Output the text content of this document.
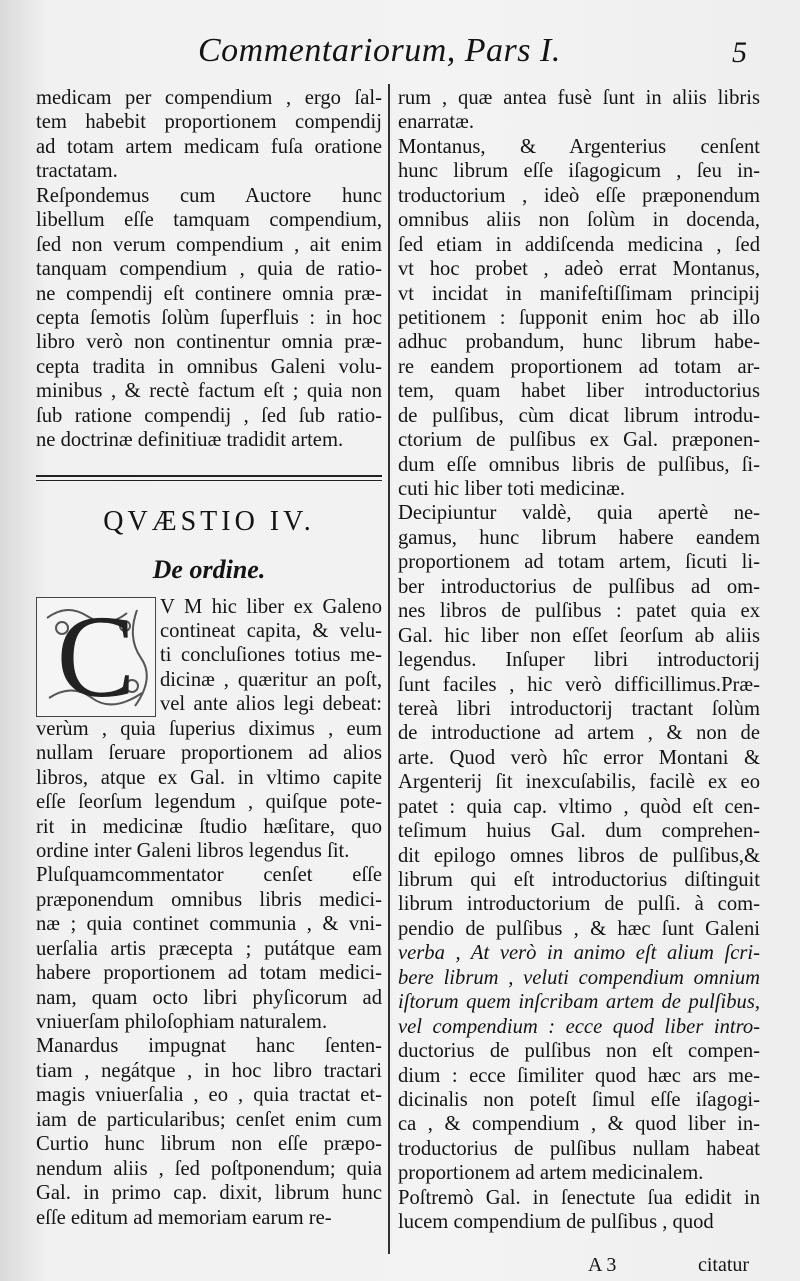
Commentariorum, Pars I.	5
medicam per compendium , ergo ſal-
tem habebit proportionem compendij
ad totam artem medicam fuſa oratione
tractatam.
Reſpondemus cum Auctore hunc
libellum eſſe tamquam compendium,
ſed non verum compendium , ait enim
tanquam compendium , quia de ratio-
ne compendij eſt continere omnia præ-
cepta ſemotis ſolùm ſuperfluis : in hoc
libro verò non continentur omnia præ-
cepta tradita in omnibus Galeni volu-
minibus , & rectè factum eſt ; quia non
ſub ratione compendij , ſed ſub ratio-
ne doctrinæ definitiuæ tradidit artem.
QVÆSTIO IV.
De ordine.
C	V M hic liber ex Galeno
contineat capita, & velu-
ti concluſiones totius me-
dicinæ , quæritur an poſt,
vel ante alios legi debeat:
verùm , quia ſuperius diximus , eum
nullam ſeruare proportionem ad alios
libros, atque ex Gal. in vltimo capite
eſſe ſeorſum legendum , quiſque pote-
rit in medicinæ ſtudio hæſitare, quo
ordine inter Galeni libros legendus ſit.
Pluſquamcommentator cenſet eſſe
præponendum omnibus libris medici-
næ ; quia continet communia , & vni-
uerſalia artis præcepta ; putátque eam
habere proportionem ad totam medici-
nam, quam octo libri phyſicorum ad
vniuerſam philoſophiam naturalem.
Manardus impugnat hanc ſenten-
tiam , negátque , in hoc libro tractari
magis vniuerſalia , eo , quia tractat et-
iam de particularibus; cenſet enim cum
Curtio hunc librum non eſſe præpo-
nendum aliis , ſed poſtponendum; quia
Gal. in primo cap. dixit, librum hunc
eſſe editum ad memoriam earum re-
rum , quæ antea fusè ſunt in aliis libris
enarratæ.
Montanus, & Argenterius cenſent
hunc librum eſſe iſagogicum , ſeu in-
troductorium , ideò eſſe præponendum
omnibus aliis non ſolùm in docenda,
ſed etiam in addiſcenda medicina , ſed
vt hoc probet , adeò errat Montanus,
vt incidat in manifeſtiſſimam principij
petitionem : ſupponit enim hoc ab illo
adhuc probandum, hunc librum habe-
re eandem proportionem ad totam ar-
tem, quam habet liber introductorius
de pulſibus, cùm dicat librum introdu-
ctorium de pulſibus ex Gal. præponen-
dum eſſe omnibus libris de pulſibus, ſi-
cuti hic liber toti medicinæ.
Decipiuntur valdè, quia apertè ne-
gamus, hunc librum habere eandem
proportionem ad totam artem, ſicuti li-
ber introductorius de pulſibus ad om-
nes libros de pulſibus : patet quia ex
Gal. hic liber non eſſet ſeorſum ab aliis
legendus. Inſuper libri introductorij
ſunt faciles , hic verò difficillimus.Præ-
tereà libri introductorij tractant ſolùm
de introductione ad artem , & non de
arte. Quod verò hîc error Montani &
Argenterij ſit inexcuſabilis, facilè ex eo
patet : quia cap. vltimo , quòd eſt cen-
teſimum huius Gal. dum comprehen-
dit epilogo omnes libros de pulſibus,&
librum qui eſt introductorius diſtinguit
librum introductorium de pulſi. à com-
pendio de pulſibus , & hæc ſunt Galeni
verba , At verò in animo eſt alium ſcri-
bere librum , veluti compendium omnium
iſtorum quem inſcribam artem de pulſibus,
vel compendium : ecce quod liber intro-
ductorius de pulſibus non eſt compen-
dium : ecce ſimiliter quod hæc ars me-
dicinalis non poteſt ſimul eſſe iſagogi-
ca , & compendium , & quod liber in-
troductorius de pulſibus nullam habeat
proportionem ad artem medicinalem.
Poſtremò Gal. in ſenectute ſua edidit in
lucem compendium de pulſibus , quod
A 3	citatur
